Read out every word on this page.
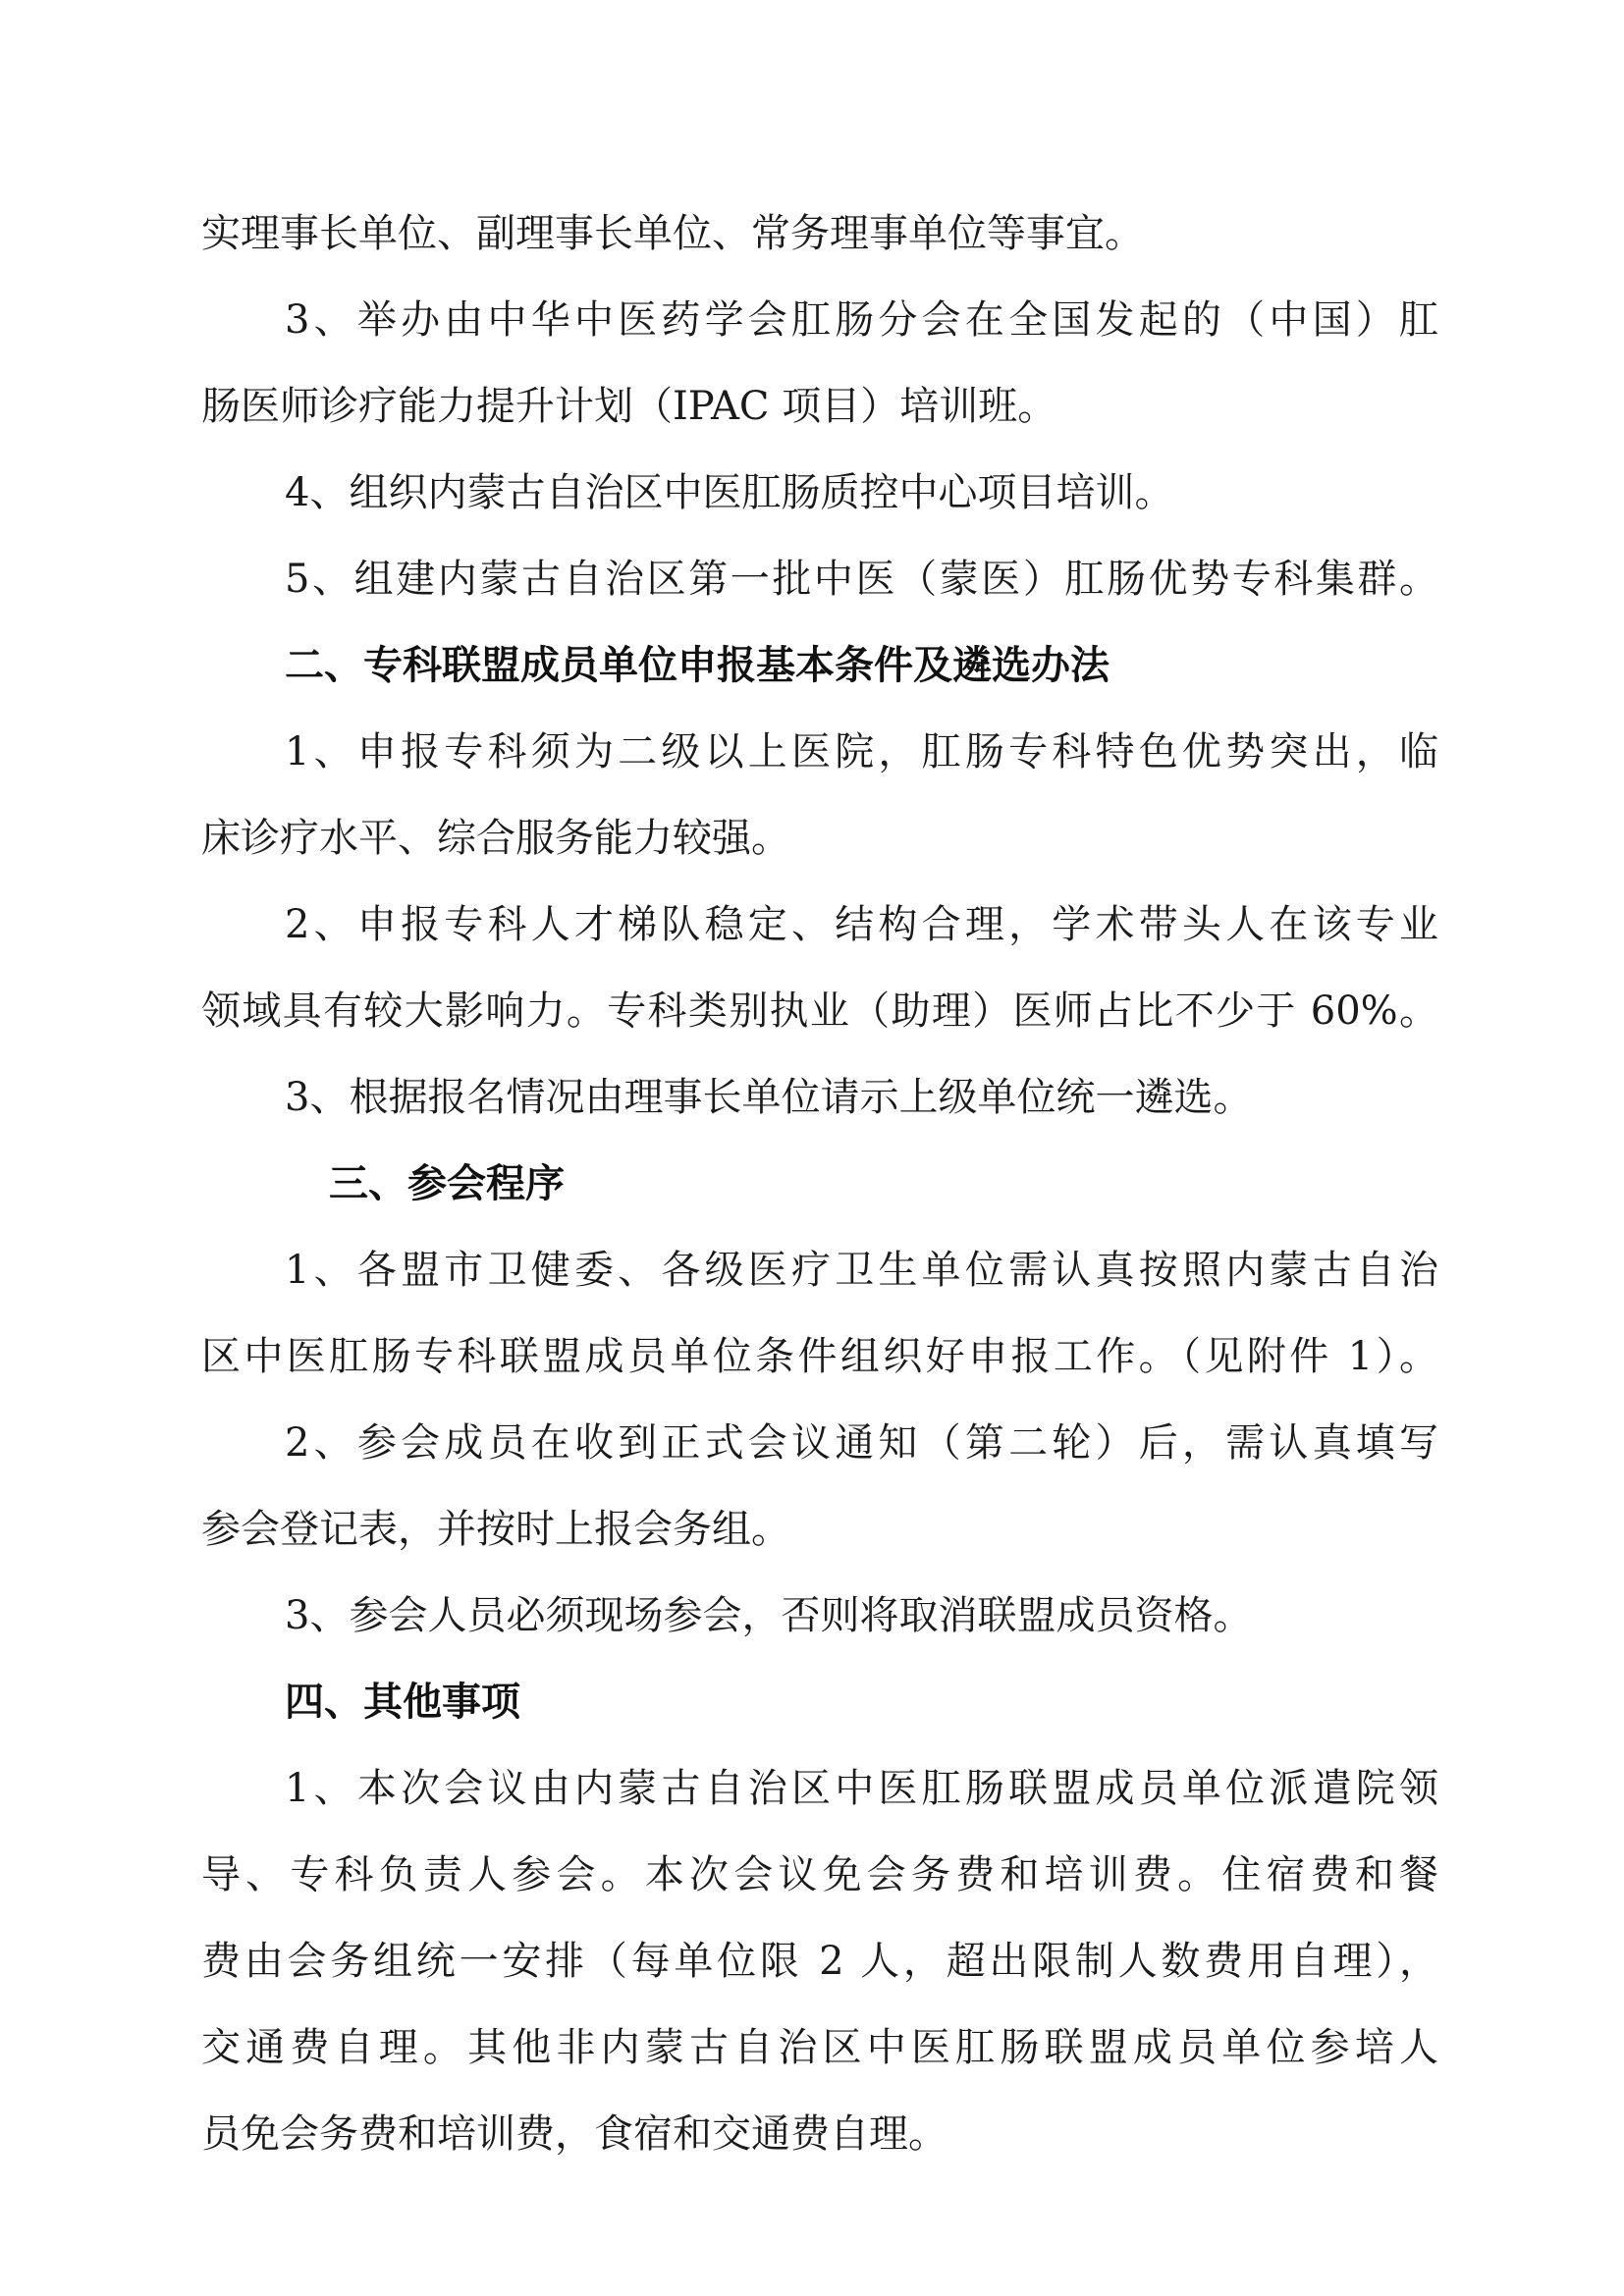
实理事长单位、副理事长单位、常务理事单位等事宜。
3、举办由中华中医药学会肛肠分会在全国发起的（中国）肛
肠医师诊疗能力提升计划（IPAC 项目）培训班。
4、组织内蒙古自治区中医肛肠质控中心项目培训。
5、组建内蒙古自治区第一批中医（蒙医）肛肠优势专科集群。
二、专科联盟成员单位申报基本条件及遴选办法
1、申报专科须为二级以上医院，肛肠专科特色优势突出，临
床诊疗水平、综合服务能力较强。
2、申报专科人才梯队稳定、结构合理，学术带头人在该专业
领域具有较大影响力。专科类别执业（助理）医师占比不少于 60%。
3、根据报名情况由理事长单位请示上级单位统一遴选。
三、参会程序
1、各盟市卫健委、各级医疗卫生单位需认真按照内蒙古自治
区中医肛肠专科联盟成员单位条件组织好申报工作。（见附件 1）。
2、参会成员在收到正式会议通知（第二轮）后，需认真填写
参会登记表，并按时上报会务组。
3、参会人员必须现场参会，否则将取消联盟成员资格。
四、其他事项
1、本次会议由内蒙古自治区中医肛肠联盟成员单位派遣院领
导、专科负责人参会。本次会议免会务费和培训费。住宿费和餐
费由会务组统一安排（每单位限 2 人，超出限制人数费用自理），
交通费自理。其他非内蒙古自治区中医肛肠联盟成员单位参培人
员免会务费和培训费，食宿和交通费自理。
